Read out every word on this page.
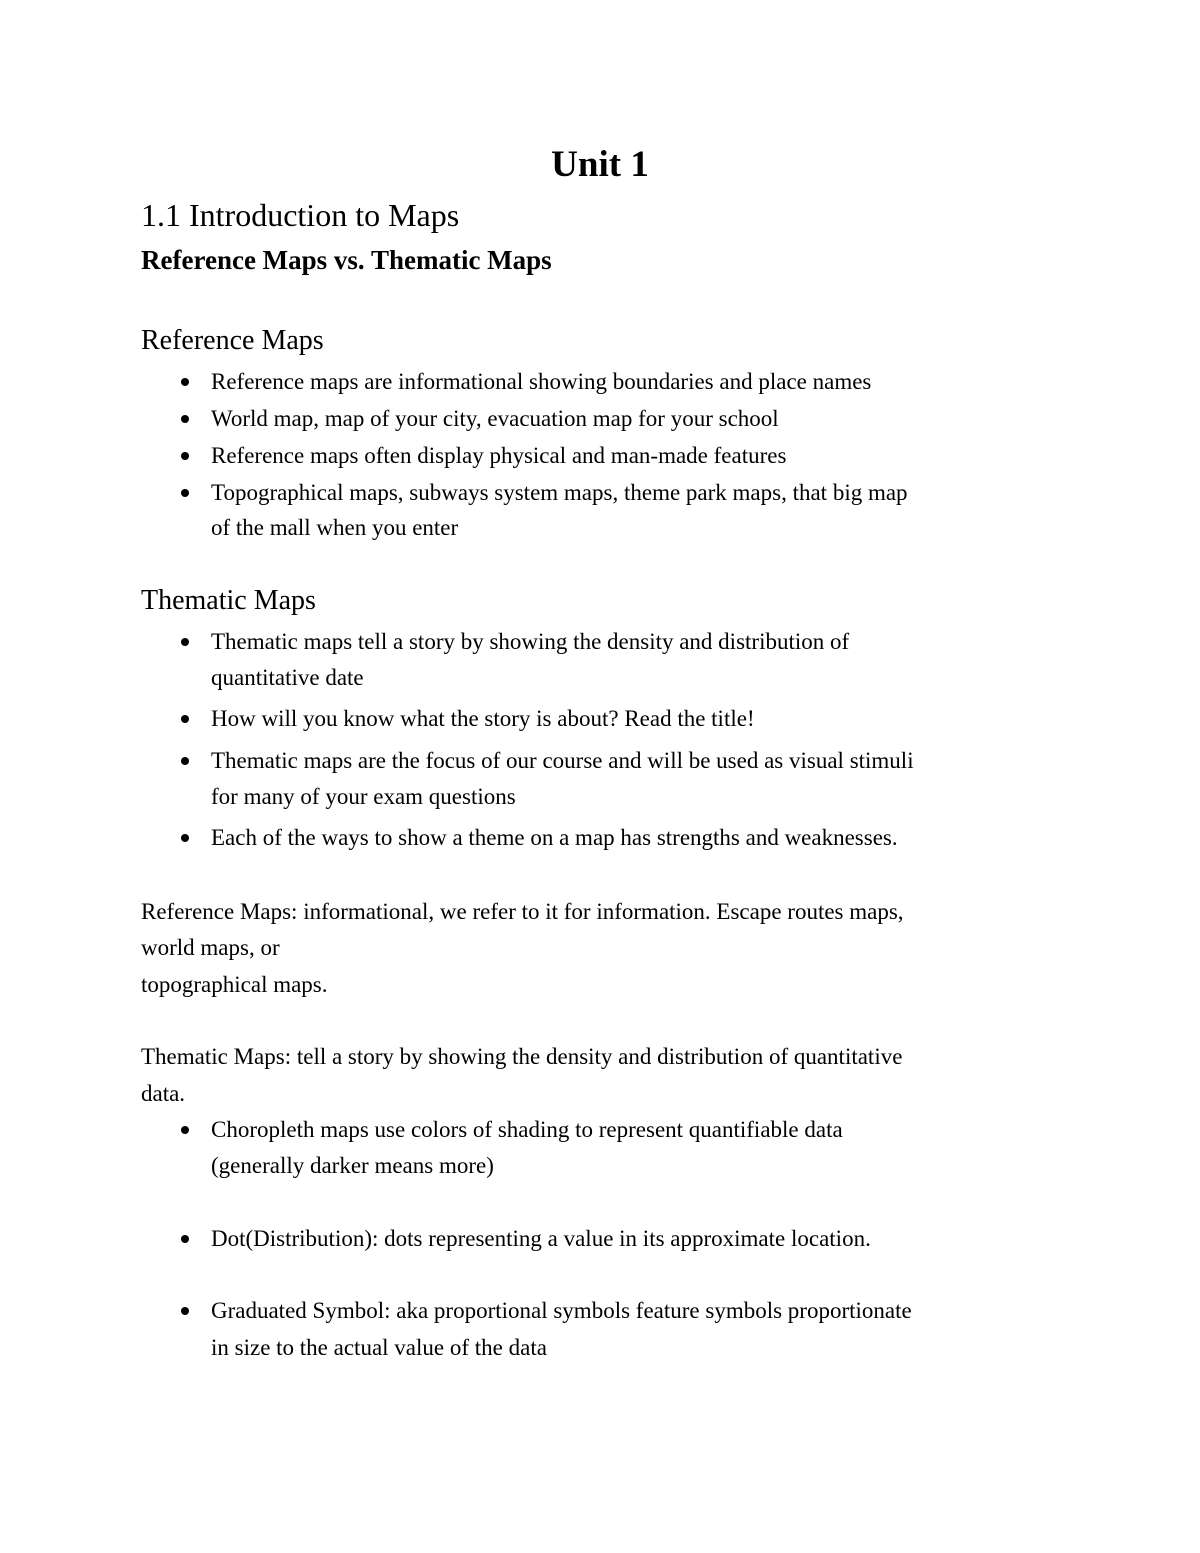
Unit 1
1.1 Introduction to Maps
Reference Maps vs. Thematic Maps
Reference Maps
Reference maps are informational showing boundaries and place names
World map, map of your city, evacuation map for your school
Reference maps often display physical and man-made features
Topographical maps, subways system maps, theme park maps, that big map
of the mall when you enter
Thematic Maps
Thematic maps tell a story by showing the density and distribution of
quantitative date
How will you know what the story is about? Read the title!
Thematic maps are the focus of our course and will be used as visual stimuli
for many of your exam questions
Each of the ways to show a theme on a map has strengths and weaknesses.
Reference Maps: informational, we refer to it for information. Escape routes maps,
world maps, or
topographical maps.
Thematic Maps: tell a story by showing the density and distribution of quantitative
data.
Choropleth maps use colors of shading to represent quantifiable data
(generally darker means more)
Dot(Distribution): dots representing a value in its approximate location.
Graduated Symbol: aka proportional symbols feature symbols proportionate
in size to the actual value of the data
